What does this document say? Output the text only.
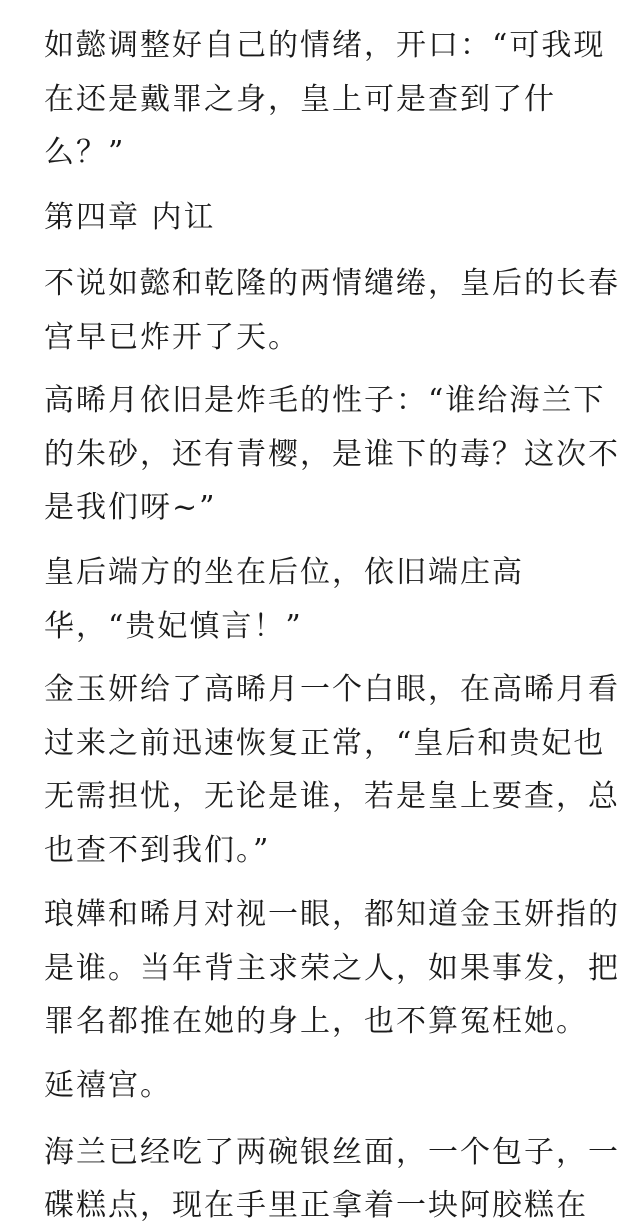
如懿调整好自己的情绪，开口：“可我现
在还是戴罪之身，皇上可是查到了什
么？”
第四章 内讧
不说如懿和乾隆的两情缱绻，皇后的长春
宫早已炸开了天。
高晞月依旧是炸毛的性子：“谁给海兰下
的朱砂，还有青樱，是谁下的毒？这次不
是我们呀~”
皇后端方的坐在后位，依旧端庄高
华，“贵妃慎言！”
金玉妍给了高晞月一个白眼，在高晞月看
过来之前迅速恢复正常，“皇后和贵妃也
无需担忧，无论是谁，若是皇上要查，总
也查不到我们。”
琅嬅和晞月对视一眼，都知道金玉妍指的
是谁。当年背主求荣之人，如果事发，把
罪名都推在她的身上，也不算冤枉她。
延禧宫。
海兰已经吃了两碗银丝面，一个包子，一
碟糕点，现在手里正拿着一块阿胶糕在
